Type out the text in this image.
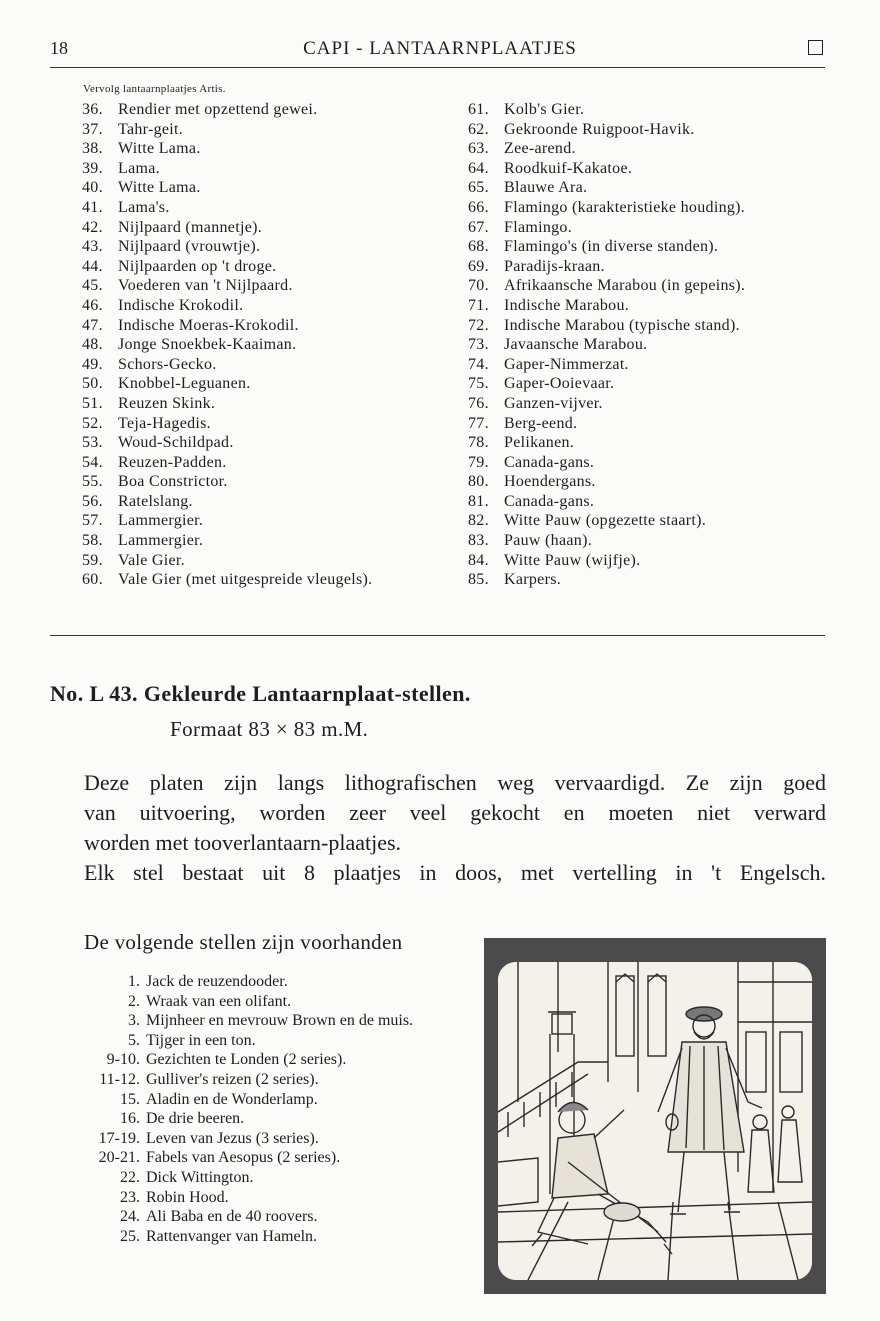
18	CAPI - LANTAARNPLAATJES
Vervolg lantaarnplaatjes Artis.
36. Rendier met opzettend gewei.
37. Tahr-geit.
38. Witte Lama.
39. Lama.
40. Witte Lama.
41. Lama's.
42. Nijlpaard (mannetje).
43. Nijlpaard (vrouwtje).
44. Nijlpaarden op 't droge.
45. Voederen van 't Nijlpaard.
46. Indische Krokodil.
47. Indische Moeras-Krokodil.
48. Jonge Snoekbek-Kaaiman.
49. Schors-Gecko.
50. Knobbel-Leguanen.
51. Reuzen Skink.
52. Teja-Hagedis.
53. Woud-Schildpad.
54. Reuzen-Padden.
55. Boa Constrictor.
56. Ratelslang.
57. Lammergier.
58. Lammergier.
59. Vale Gier.
60. Vale Gier (met uitgespreide vleugels).
61. Kolb's Gier.
62. Gekroonde Ruigpoot-Havik.
63. Zee-arend.
64. Roodkuif-Kakatoe.
65. Blauwe Ara.
66. Flamingo (karakteristieke houding).
67. Flamingo.
68. Flamingo's (in diverse standen).
69. Paradijs-kraan.
70. Afrikaansche Marabou (in gepeins).
71. Indische Marabou.
72. Indische Marabou (typische stand).
73. Javaansche Marabou.
74. Gaper-Nimmerzat.
75. Gaper-Ooievaar.
76. Ganzen-vijver.
77. Berg-eend.
78. Pelikanen.
79. Canada-gans.
80. Hoendergans.
81. Canada-gans.
82. Witte Pauw (opgezette staart).
83. Pauw (haan).
84. Witte Pauw (wijfje).
85. Karpers.
No. L 43. Gekleurde Lantaarnplaat-stellen.
Formaat 83 × 83 m.M.
Deze platen zijn langs lithografischen weg vervaardigd. Ze zijn goed
van uitvoering, worden zeer veel gekocht en moeten niet verward
worden met tooverlantaarn-plaatjes.
Elk stel bestaat uit 8 plaatjes in doos, met vertelling in 't Engelsch.
De volgende stellen zijn voorhanden
1. Jack de reuzendooder.
2. Wraak van een olifant.
3. Mijnheer en mevrouw Brown en de muis.
5. Tijger in een ton.
9-10. Gezichten te Londen (2 series).
11-12. Gulliver's reizen (2 series).
15. Aladin en de Wonderlamp.
16. De drie beeren.
17-19. Leven van Jezus (3 series).
20-21. Fabels van Aesopus (2 series).
22. Dick Wittington.
23. Robin Hood.
24. Ali Baba en de 40 roovers.
25. Rattenvanger van Hameln.
